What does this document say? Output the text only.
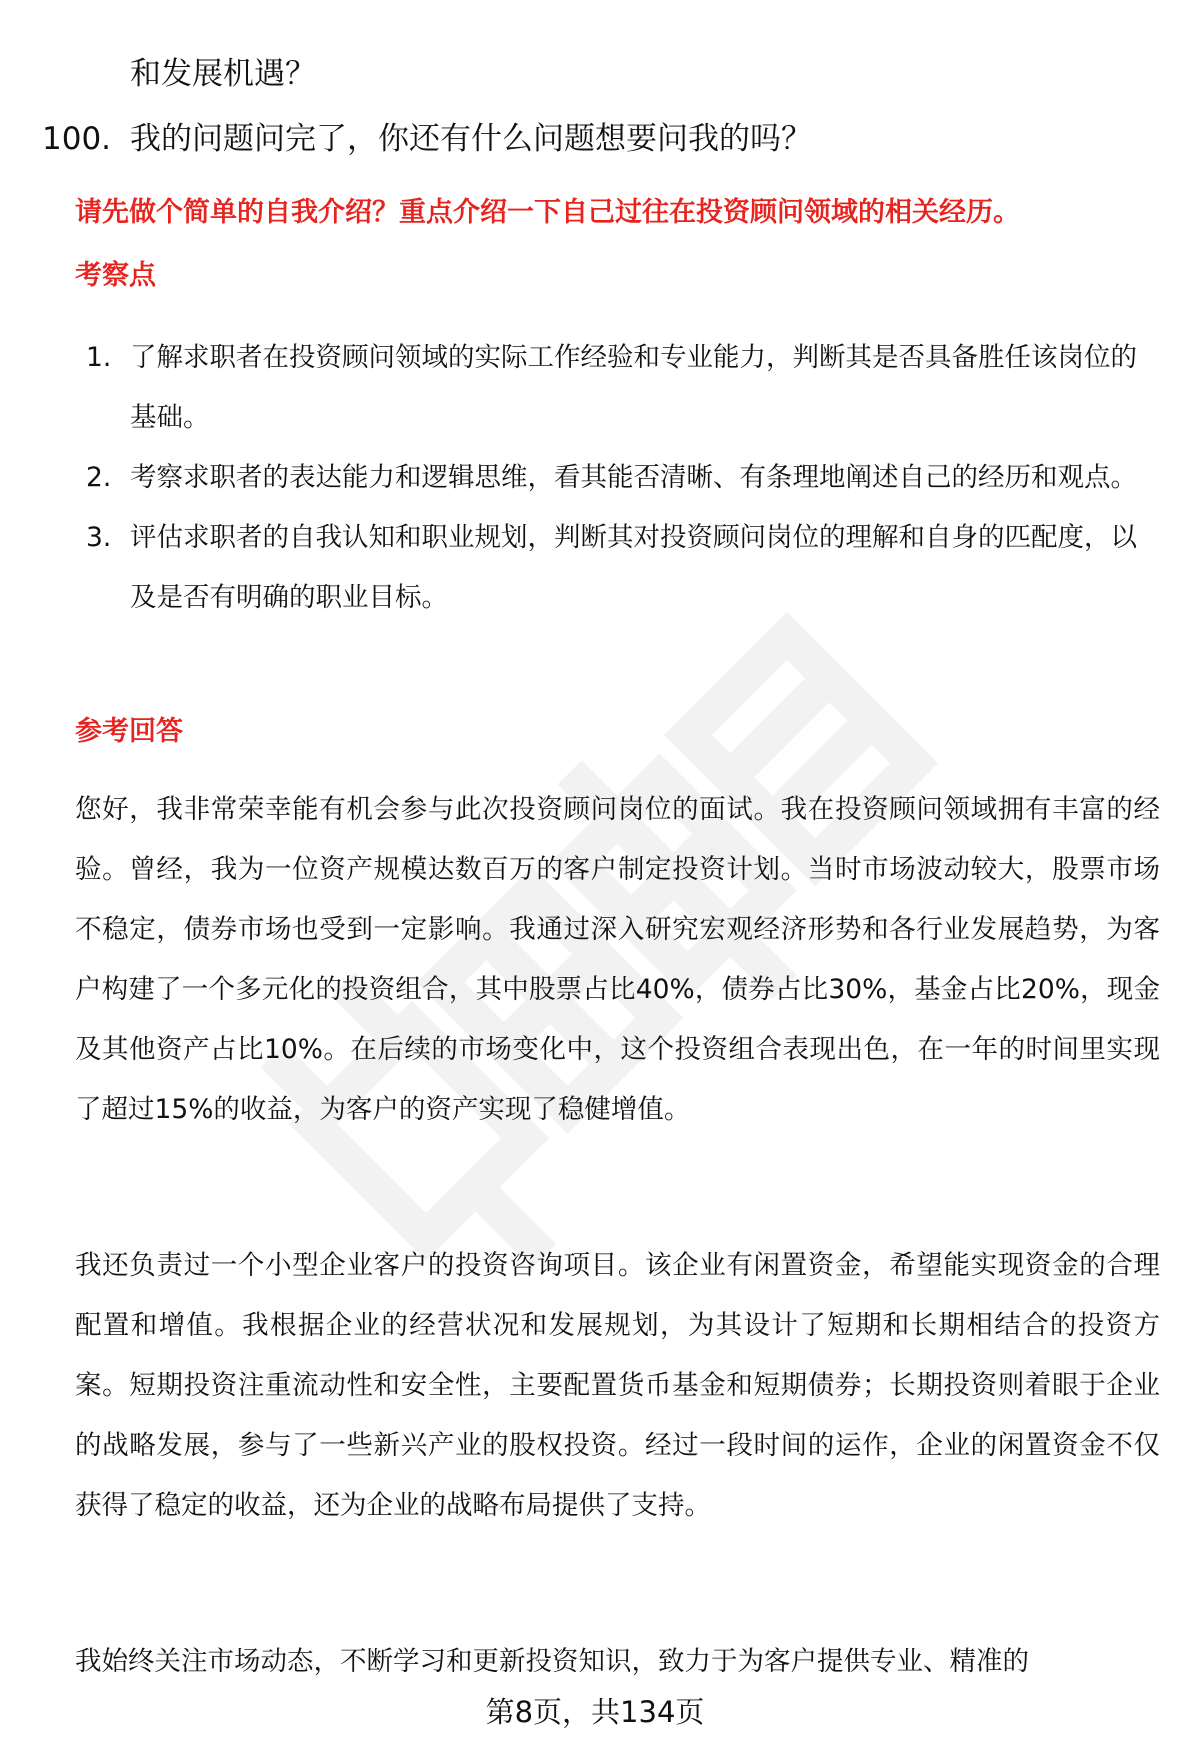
和发展机遇？
100. 我的问题问完了，你还有什么问题想要问我的吗？
请先做个简单的自我介绍？重点介绍一下自己过往在投资顾问领域的相关经历。
考察点
1. 了解求职者在投资顾问领域的实际工作经验和专业能力，判断其是否具备胜任该岗位的基础。
2. 考察求职者的表达能力和逻辑思维，看其能否清晰、有条理地阐述自己的经历和观点。
3. 评估求职者的自我认知和职业规划，判断其对投资顾问岗位的理解和自身的匹配度，以及是否有明确的职业目标。
参考回答
您好，我非常荣幸能有机会参与此次投资顾问岗位的面试。我在投资顾问领域拥有丰富的经验。曾经，我为一位资产规模达数百万的客户制定投资计划。当时市场波动较大，股票市场不稳定，债券市场也受到一定影响。我通过深入研究宏观经济形势和各行业发展趋势，为客户构建了一个多元化的投资组合，其中股票占比40%，债券占比30%，基金占比20%，现金及其他资产占比10%。在后续的市场变化中，这个投资组合表现出色，在一年的时间里实现了超过15%的收益，为客户的资产实现了稳健增值。
我还负责过一个小型企业客户的投资咨询项目。该企业有闲置资金，希望能实现资金的合理配置和增值。我根据企业的经营状况和发展规划，为其设计了短期和长期相结合的投资方案。短期投资注重流动性和安全性，主要配置货币基金和短期债券；长期投资则着眼于企业的战略发展，参与了一些新兴产业的股权投资。经过一段时间的运作，企业的闲置资金不仅获得了稳定的收益，还为企业的战略布局提供了支持。
我始终关注市场动态，不断学习和更新投资知识，致力于为客户提供专业、精准的
第8页，共134页
